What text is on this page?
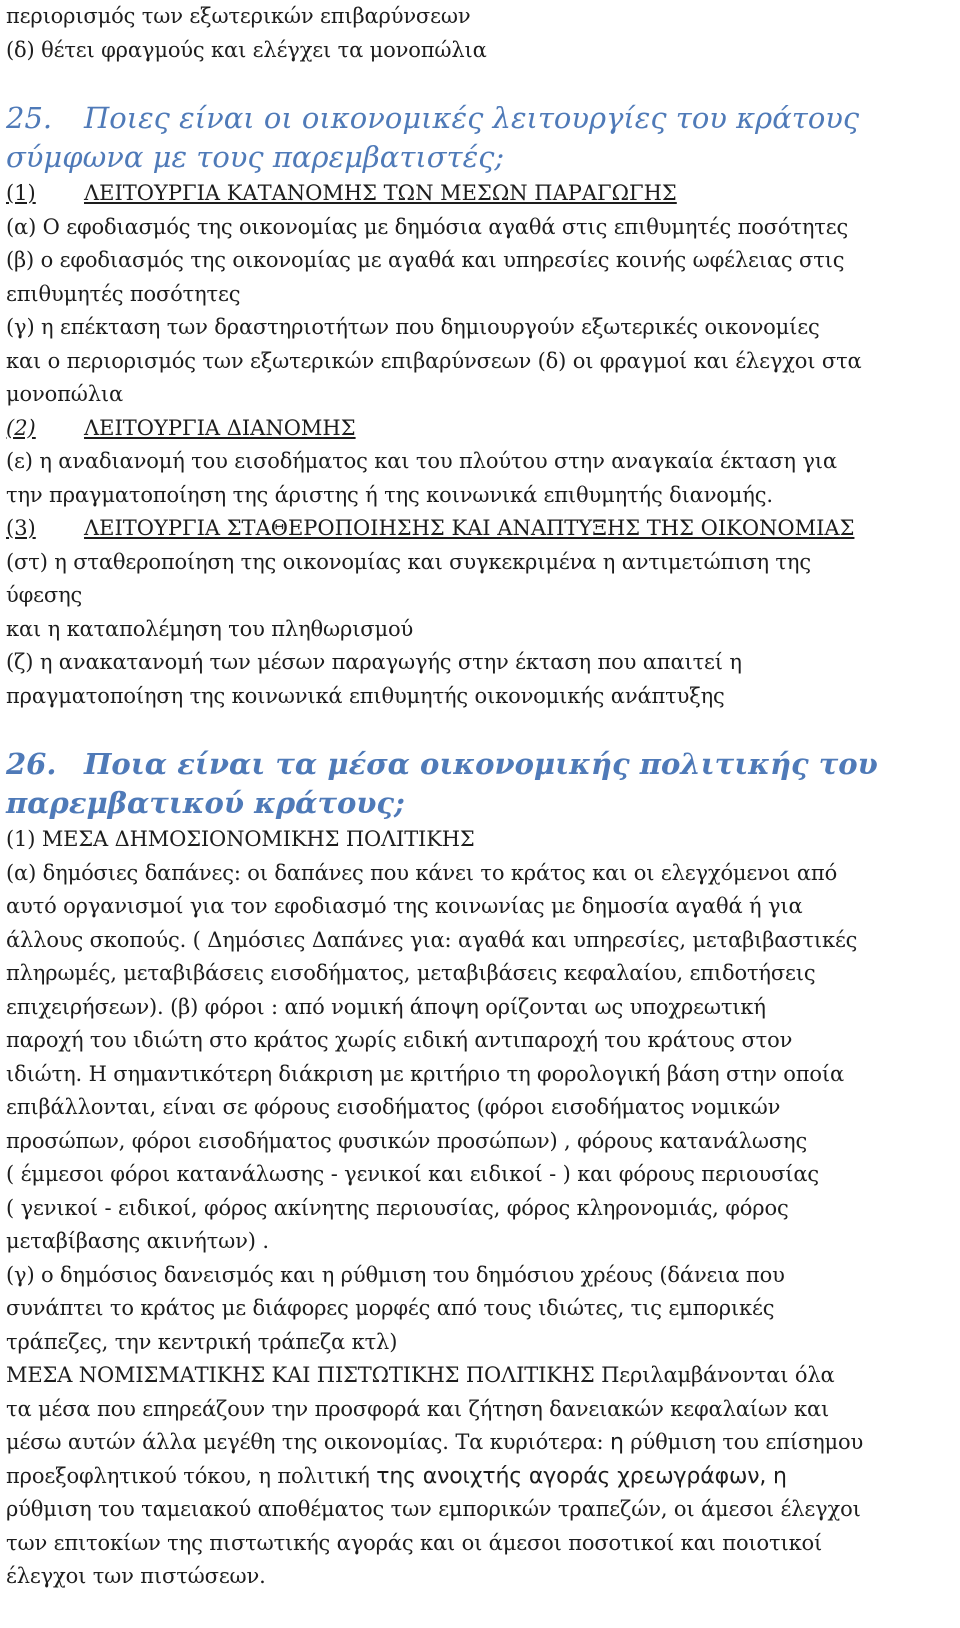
περιορισμός των εξωτερικών επιβαρύνσεων
(δ) θέτει φραγμούς και ελέγχει τα μονοπώλια
25. Ποιες είναι οι οικονομικές λειτουργίες του κράτους
σύμφωνα με τους παρεμβατιστές;
(1) ΛΕΙΤΟΥΡΓΙΑ ΚΑΤΑΝΟΜΗΣ ΤΩΝ ΜΕΣΩΝ ΠΑΡΑΓΩΓΗΣ
(α) Ο εφοδιασμός της οικονομίας με δημόσια αγαθά στις επιθυμητές ποσότητες
(β) ο εφοδιασμός της οικονομίας με αγαθά και υπηρεσίες κοινής ωφέλειας στις
επιθυμητές ποσότητες
(γ) η επέκταση των δραστηριοτήτων που δημιουργούν εξωτερικές οικονομίες
και ο περιορισμός των εξωτερικών επιβαρύνσεων (δ) οι φραγμοί και έλεγχοι στα
μονοπώλια
(2) ΛΕΙΤΟΥΡΓΙΑ ΔΙΑΝΟΜΗΣ
(ε) η αναδιανομή του εισοδήματος και του πλούτου στην αναγκαία έκταση για
την πραγματοποίηση της άριστης ή της κοινωνικά επιθυμητής διανομής.
(3) ΛΕΙΤΟΥΡΓΙΑ ΣΤΑΘΕΡΟΠΟΙΗΣΗΣ ΚΑΙ ΑΝΑΠΤΥΞΗΣ ΤΗΣ ΟΙΚΟΝΟΜΙΑΣ
(στ) η σταθεροποίηση της οικονομίας και συγκεκριμένα η αντιμετώπιση της
ύφεσης
και η καταπολέμηση του πληθωρισμού
(ζ) η ανακατανομή των μέσων παραγωγής στην έκταση που απαιτεί η
πραγματοποίηση της κοινωνικά επιθυμητής οικονομικής ανάπτυξης
26. Ποια είναι τα μέσα οικονομικής πολιτικής του
παρεμβατικού κράτους;
(1) ΜΕΣΑ ΔΗΜΟΣΙΟΝΟΜΙΚΗΣ ΠΟΛΙΤΙΚΗΣ
(α) δημόσιες δαπάνες: οι δαπάνες που κάνει το κράτος και οι ελεγχόμενοι από
αυτό οργανισμοί για τον εφοδιασμό της κοινωνίας με δημοσία αγαθά ή για
άλλους σκοπούς. ( Δημόσιες Δαπάνες για: αγαθά και υπηρεσίες, μεταβιβαστικές
πληρωμές, μεταβιβάσεις εισοδήματος, μεταβιβάσεις κεφαλαίου, επιδοτήσεις
επιχειρήσεων). (β) φόροι : από νομική άποψη ορίζονται ως υποχρεωτική
παροχή του ιδιώτη στο κράτος χωρίς ειδική αντιπαροχή του κράτους στον
ιδιώτη. Η σημαντικότερη διάκριση με κριτήριο τη φορολογική βάση στην οποία
επιβάλλονται, είναι σε φόρους εισοδήματος (φόροι εισοδήματος νομικών
προσώπων, φόροι εισοδήματος φυσικών προσώπων) , φόρους κατανάλωσης
( έμμεσοι φόροι κατανάλωσης - γενικοί και ειδικοί - ) και φόρους περιουσίας
( γενικοί - ειδικοί, φόρος ακίνητης περιουσίας, φόρος κληρονομιάς, φόρος
μεταβίβασης ακινήτων) .
(γ) ο δημόσιος δανεισμός και η ρύθμιση του δημόσιου χρέους (δάνεια που
συνάπτει το κράτος με διάφορες μορφές από τους ιδιώτες, τις εμπορικές
τράπεζες, την κεντρική τράπεζα κτλ)
ΜΕΣΑ ΝΟΜΙΣΜΑΤΙΚΗΣ ΚΑΙ ΠΙΣΤΩΤΙΚΗΣ ΠΟΛΙΤΙΚΗΣ Περιλαμβάνονται όλα
τα μέσα που επηρεάζουν την προσφορά και ζήτηση δανειακών κεφαλαίων και
μέσω αυτών άλλα μεγέθη της οικονομίας. Τα κυριότερα: η ρύθμιση του επίσημου
προεξοφλητικού τόκου, η πολιτική της ανοιχτής αγοράς χρεωγράφων, η
ρύθμιση του ταμειακού αποθέματος των εμπορικών τραπεζών, οι άμεσοι έλεγχοι
των επιτοκίων της πιστωτικής αγοράς και οι άμεσοι ποσοτικοί και ποιοτικοί
έλεγχοι των πιστώσεων.
